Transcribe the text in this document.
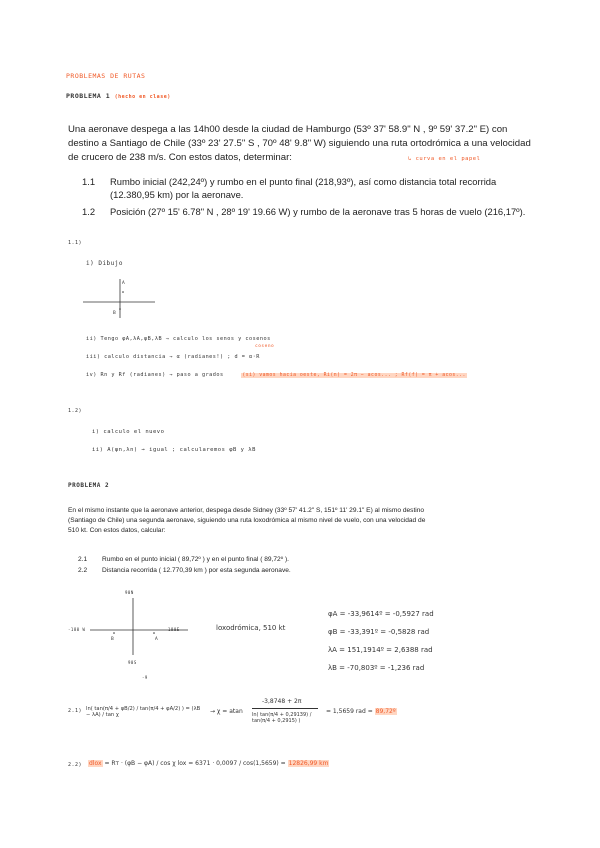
PROBLEMAS DE RUTAS
PROBLEMA 1 (hecho en clase)
Una aeronave despega a las 14h00 desde la ciudad de Hamburgo (53º 37' 58.9" N , 9º 59' 37.2" E) con destino a Santiago de Chile (33º 23' 27.5" S , 70º 48' 9.8" W) siguiendo una ruta ortodrómica a una velocidad de crucero de 238 m/s. Con estos datos, determinar:	↳ curva en el papel
1.1 Rumbo inicial (242,24º) y rumbo en el punto final (218,93º), así como distancia total recorrida (12.380,95 km) por la aeronave.
1.2 Posición (27º 15' 6.78" N , 28º 19' 19.66 W) y rumbo de la aeronave tras 5 horas de vuelo (216,17º).
1.1)
i) Dibujo
A
B
ii) Tengo φA,λA,φB,λB → calculo los senos y cosenos
coseno
iii) calculo distancia → α (radianes!) ; d = α·R
iv) Rn y Rf (radianes) → paso a grados	(si) vamos hacia oeste, Ri(n) = 2π − acos... ; Rf(f) = π + acos...
1.2)
i) calculo el nuevo
ii) A(φn,λn) → igual ; calcularemos φB y λB
PROBLEMA 2
En el mismo instante que la aeronave anterior, despega desde Sidney (33º 57' 41.2" S, 151º 11' 29.1" E) al mismo destino (Santiago de Chile) una segunda aeronave, siguiendo una ruta loxodrómica al mismo nivel de vuelo, con una velocidad de 510 kt. Con estos datos, calcular:
2.1 Rumbo en el punto inicial ( 89,72º ) y en el punto final ( 89,72º ).
2.2 Distancia recorrida ( 12.770,39 km ) por esta segunda aeronave.
90N
90S
-180 W	180E
B	A
-9
loxodrómica, 510 kt
φA = -33,9614º = -0,5927 rad
φB = -33,391º = -0,5828 rad
λA = 151,1914º = 2,6388 rad
λB = -70,803º = -1,236 rad
2.1) ln( tan(π/4 + φB/2) / tan(π/4 + φA/2) ) = (λB − λA) / tan χ	→ χ = atan
-3,8748 + 2π
ln( tan(π/4 + 0,29139) / tan(π/4 + 0,2915) )
= 1,5659 rad = 89,72º
2.2) dlox = Rᴛ · (φB − φA) / cos χ lox = 6371 · 0,0097 / cos(1,5659) = 12826,99 km
